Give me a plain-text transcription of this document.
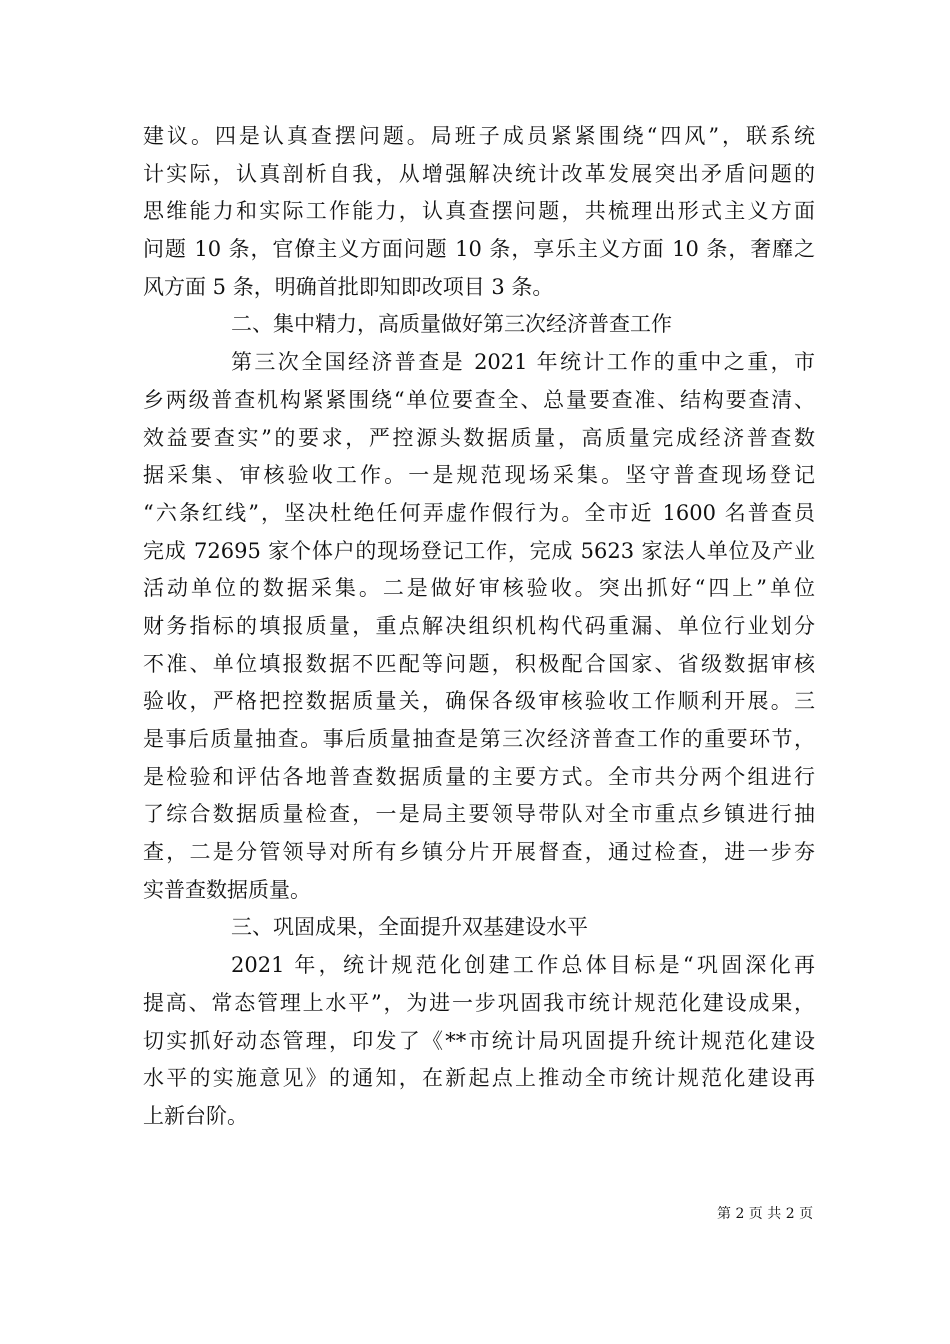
建议。四是认真查摆问题。局班子成员紧紧围绕“四风”，联系统
计实际，认真剖析自我，从增强解决统计改革发展突出矛盾问题的
思维能力和实际工作能力，认真查摆问题，共梳理出形式主义方面
问题 10 条，官僚主义方面问题 10 条，享乐主义方面 10 条，奢靡之
风方面 5 条，明确首批即知即改项目 3 条。
二、集中精力，高质量做好第三次经济普查工作
第三次全国经济普查是 2021 年统计工作的重中之重，市
乡两级普查机构紧紧围绕“单位要查全、总量要查准、结构要查清、
效益要查实”的要求，严控源头数据质量，高质量完成经济普查数
据采集、审核验收工作。一是规范现场采集。坚守普查现场登记
“六条红线”，坚决杜绝任何弄虚作假行为。全市近 1600 名普查员
完成 72695 家个体户的现场登记工作，完成 5623 家法人单位及产业
活动单位的数据采集。二是做好审核验收。突出抓好“四上”单位
财务指标的填报质量，重点解决组织机构代码重漏、单位行业划分
不准、单位填报数据不匹配等问题，积极配合国家、省级数据审核
验收，严格把控数据质量关，确保各级审核验收工作顺利开展。三
是事后质量抽查。事后质量抽查是第三次经济普查工作的重要环节，
是检验和评估各地普查数据质量的主要方式。全市共分两个组进行
了综合数据质量检查，一是局主要领导带队对全市重点乡镇进行抽
查，二是分管领导对所有乡镇分片开展督查，通过检查，进一步夯
实普查数据质量。
三、巩固成果，全面提升双基建设水平
2021 年，统计规范化创建工作总体目标是“巩固深化再
提高、常态管理上水平”，为进一步巩固我市统计规范化建设成果，
切实抓好动态管理，印发了《**市统计局巩固提升统计规范化建设
水平的实施意见》的通知，在新起点上推动全市统计规范化建设再
上新台阶。
第 2 页 共 2 页
